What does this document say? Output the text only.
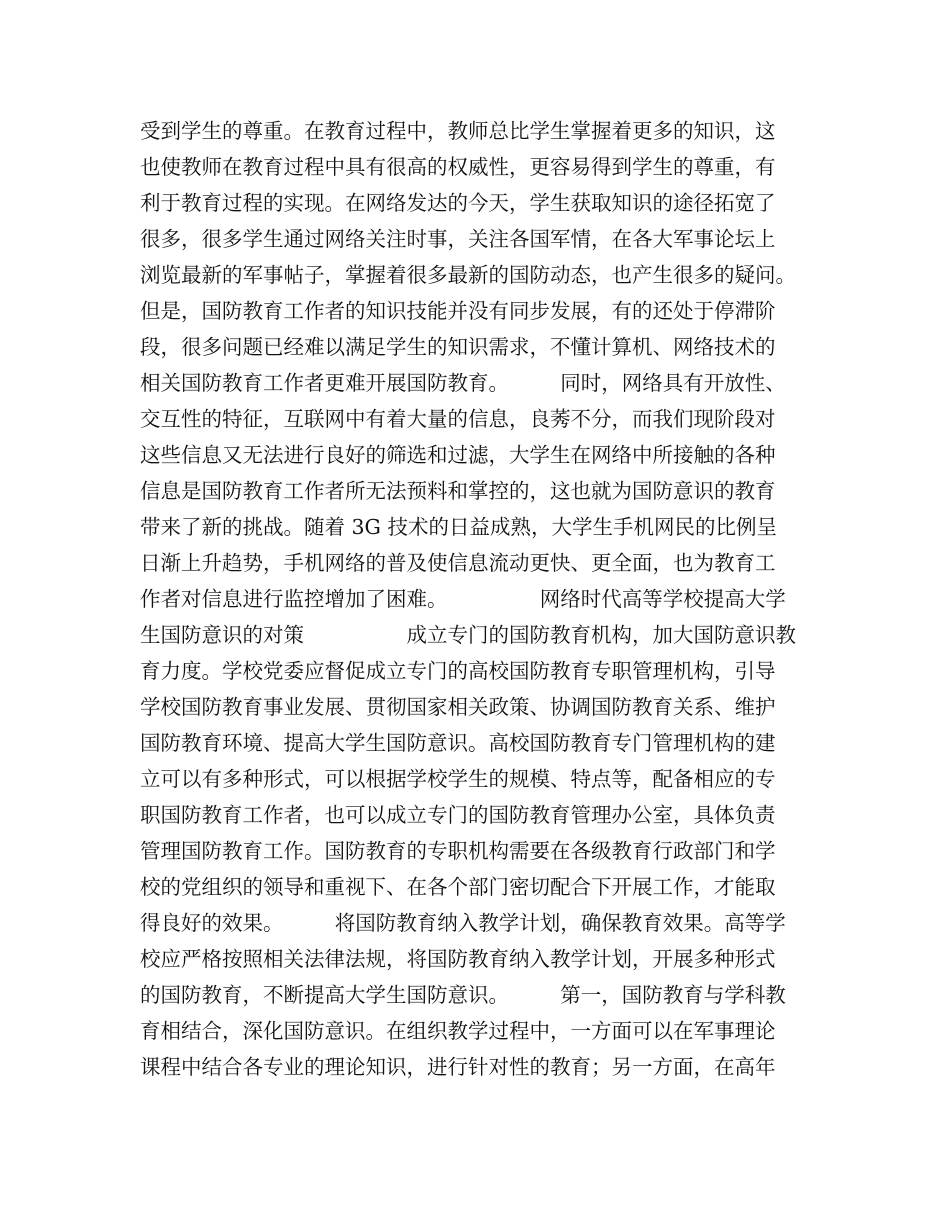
受到学生的尊重。在教育过程中，教师总比学生掌握着更多的知识，这
也使教师在教育过程中具有很高的权威性，更容易得到学生的尊重，有
利于教育过程的实现。在网络发达的今天，学生获取知识的途径拓宽了
很多，很多学生通过网络关注时事，关注各国军情，在各大军事论坛上
浏览最新的军事帖子，掌握着很多最新的国防动态，也产生很多的疑问。
但是，国防教育工作者的知识技能并没有同步发展，有的还处于停滞阶
段，很多问题已经难以满足学生的知识需求，不懂计算机、网络技术的
相关国防教育工作者更难开展国防教育。　　　同时，网络具有开放性、
交互性的特征，互联网中有着大量的信息，良莠不分，而我们现阶段对
这些信息又无法进行良好的筛选和过滤，大学生在网络中所接触的各种
信息是国防教育工作者所无法预料和掌控的，这也就为国防意识的教育
带来了新的挑战。随着 3G 技术的日益成熟，大学生手机网民的比例呈
日渐上升趋势，手机网络的普及使信息流动更快、更全面，也为教育工
作者对信息进行监控增加了困难。　　　　　网络时代高等学校提高大学
生国防意识的对策　　　　　成立专门的国防教育机构，加大国防意识教
育力度。学校党委应督促成立专门的高校国防教育专职管理机构，引导
学校国防教育事业发展、贯彻国家相关政策、协调国防教育关系、维护
国防教育环境、提高大学生国防意识。高校国防教育专门管理机构的建
立可以有多种形式，可以根据学校学生的规模、特点等，配备相应的专
职国防教育工作者，也可以成立专门的国防教育管理办公室，具体负责
管理国防教育工作。国防教育的专职机构需要在各级教育行政部门和学
校的党组织的领导和重视下、在各个部门密切配合下开展工作，才能取
得良好的效果。　　　将国防教育纳入教学计划，确保教育效果。高等学
校应严格按照相关法律法规，将国防教育纳入教学计划，开展多种形式
的国防教育，不断提高大学生国防意识。　　　第一，国防教育与学科教
育相结合，深化国防意识。在组织教学过程中，一方面可以在军事理论
课程中结合各专业的理论知识，进行针对性的教育；另一方面，在高年
